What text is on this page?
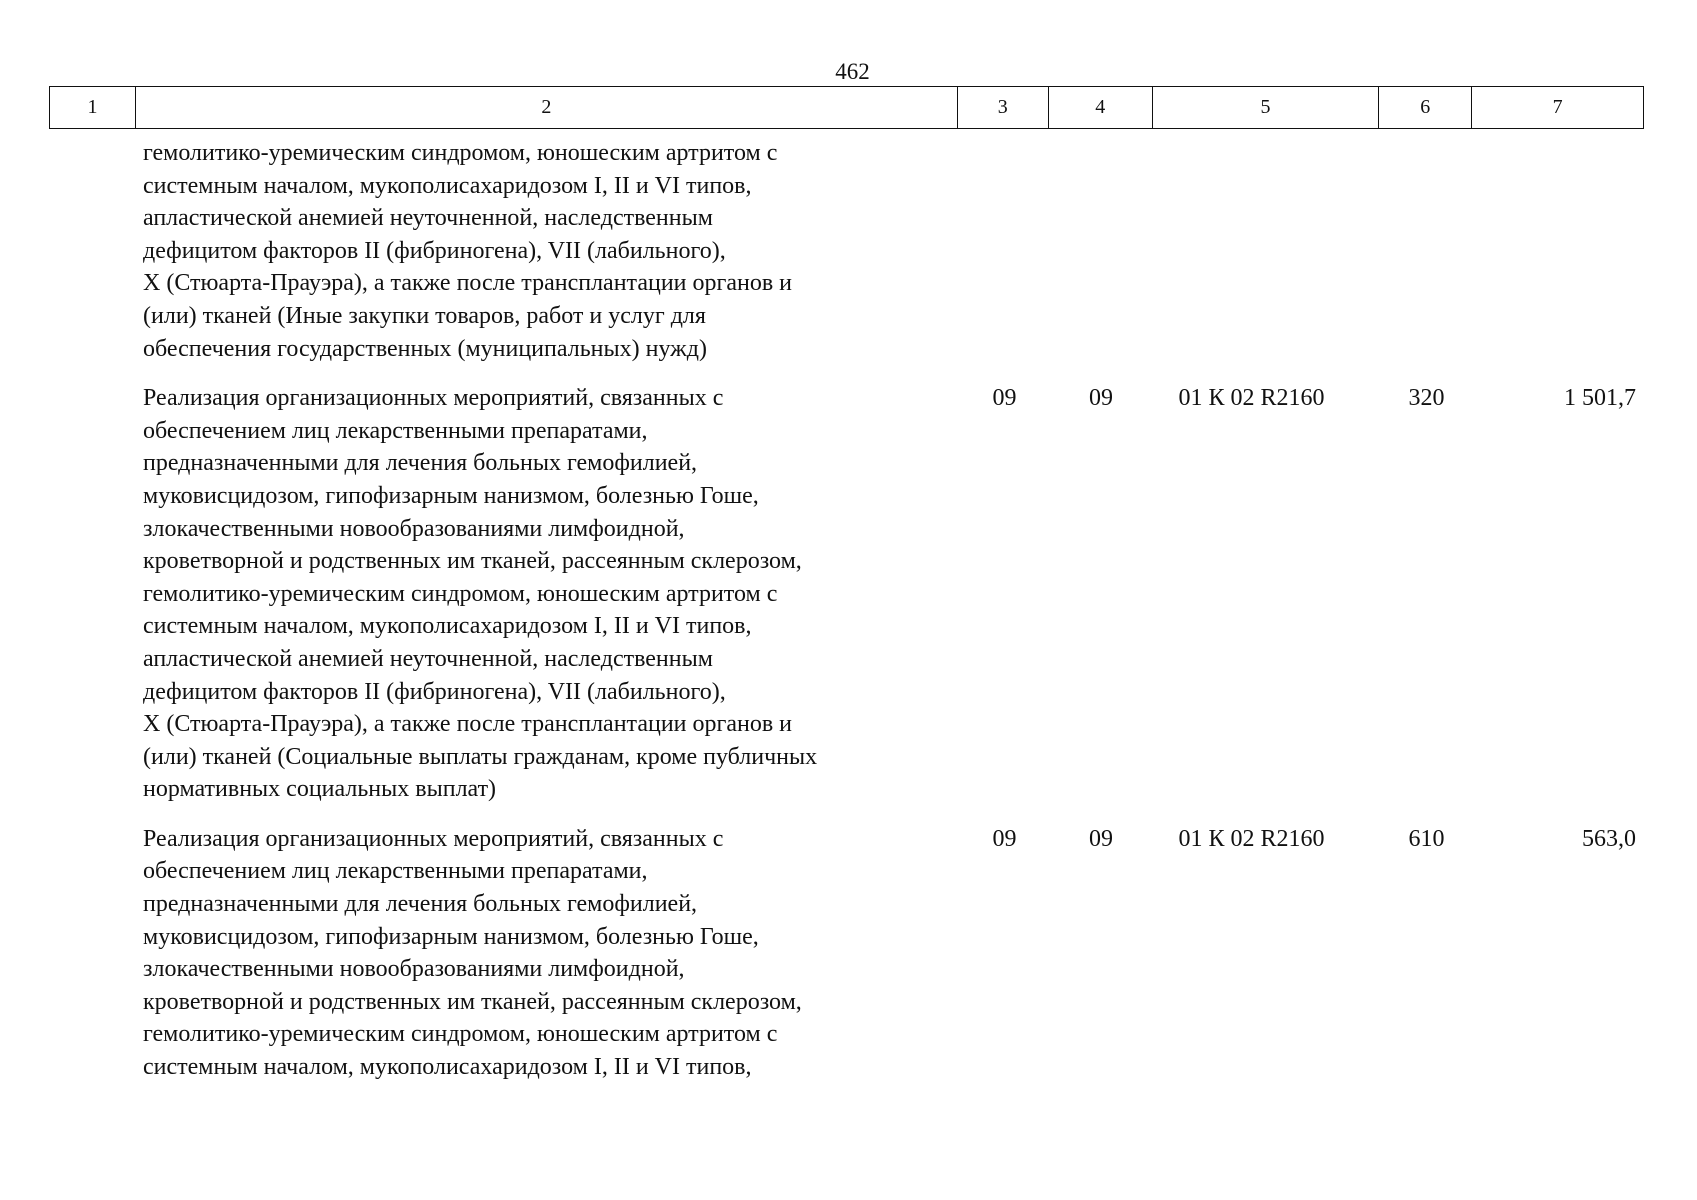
462
1	2	3	4	5	6	7
гемолитико-уремическим синдромом, юношеским артритом с
системным началом, мукополисахаридозом I, II и VI типов,
апластической анемией неуточненной, наследственным
дефицитом факторов II (фибриногена), VII (лабильного),
X (Стюарта-Прауэра), а также после трансплантации органов и
(или) тканей (Иные закупки товаров, работ и услуг для
обеспечения государственных (муниципальных) нужд)
Реализация организационных мероприятий, связанных с
обеспечением лиц лекарственными препаратами,
предназначенными для лечения больных гемофилией,
муковисцидозом, гипофизарным нанизмом, болезнью Гоше,
злокачественными новообразованиями лимфоидной,
кроветворной и родственных им тканей, рассеянным склерозом,
гемолитико-уремическим синдромом, юношеским артритом с
системным началом, мукополисахаридозом I, II и VI типов,
апластической анемией неуточненной, наследственным
дефицитом факторов II (фибриногена), VII (лабильного),
X (Стюарта-Прауэра), а также после трансплантации органов и
(или) тканей (Социальные выплаты гражданам, кроме публичных
нормативных социальных выплат)
09	09	01 К 02 R2160	320	1 501,7
Реализация организационных мероприятий, связанных с
обеспечением лиц лекарственными препаратами,
предназначенными для лечения больных гемофилией,
муковисцидозом, гипофизарным нанизмом, болезнью Гоше,
злокачественными новообразованиями лимфоидной,
кроветворной и родственных им тканей, рассеянным склерозом,
гемолитико-уремическим синдромом, юношеским артритом с
системным началом, мукополисахаридозом I, II и VI типов,
09	09	01 К 02 R2160	610	563,0
